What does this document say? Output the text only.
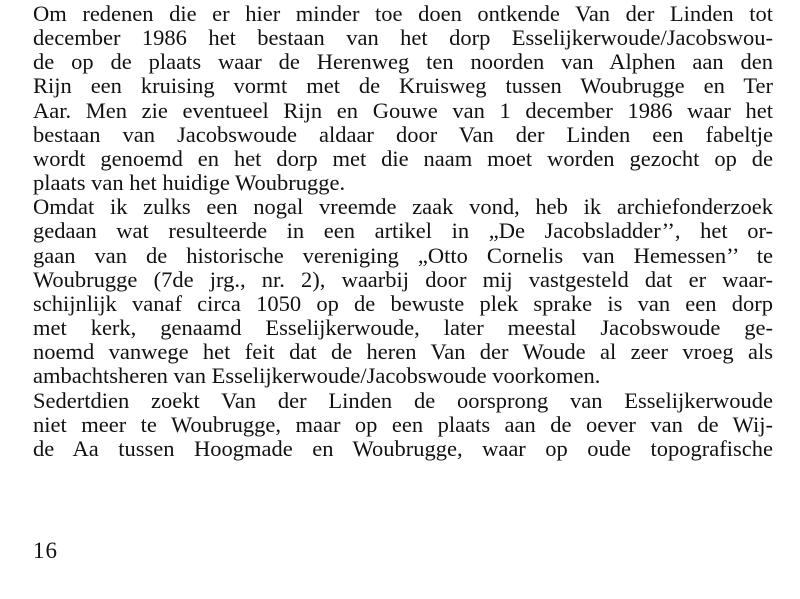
Om redenen die er hier minder toe doen ontkende Van der Linden tot
december 1986 het bestaan van het dorp Esselijkerwoude/Jacobswou-
de op de plaats waar de Herenweg ten noorden van Alphen aan den
Rijn een kruising vormt met de Kruisweg tussen Woubrugge en Ter
Aar. Men zie eventueel Rijn en Gouwe van 1 december 1986 waar het
bestaan van Jacobswoude aldaar door Van der Linden een fabeltje
wordt genoemd en het dorp met die naam moet worden gezocht op de
plaats van het huidige Woubrugge.
Omdat ik zulks een nogal vreemde zaak vond, heb ik archiefonderzoek
gedaan wat resulteerde in een artikel in „De Jacobsladder’’, het or-
gaan van de historische vereniging „Otto Cornelis van Hemessen’’ te
Woubrugge (7de jrg., nr. 2), waarbij door mij vastgesteld dat er waar-
schijnlijk vanaf circa 1050 op de bewuste plek sprake is van een dorp
met kerk, genaamd Esselijkerwoude, later meestal Jacobswoude ge-
noemd vanwege het feit dat de heren Van der Woude al zeer vroeg als
ambachtsheren van Esselijkerwoude/Jacobswoude voorkomen.
Sedertdien zoekt Van der Linden de oorsprong van Esselijkerwoude
niet meer te Woubrugge, maar op een plaats aan de oever van de Wij-
de Aa tussen Hoogmade en Woubrugge, waar op oude topografische
16
